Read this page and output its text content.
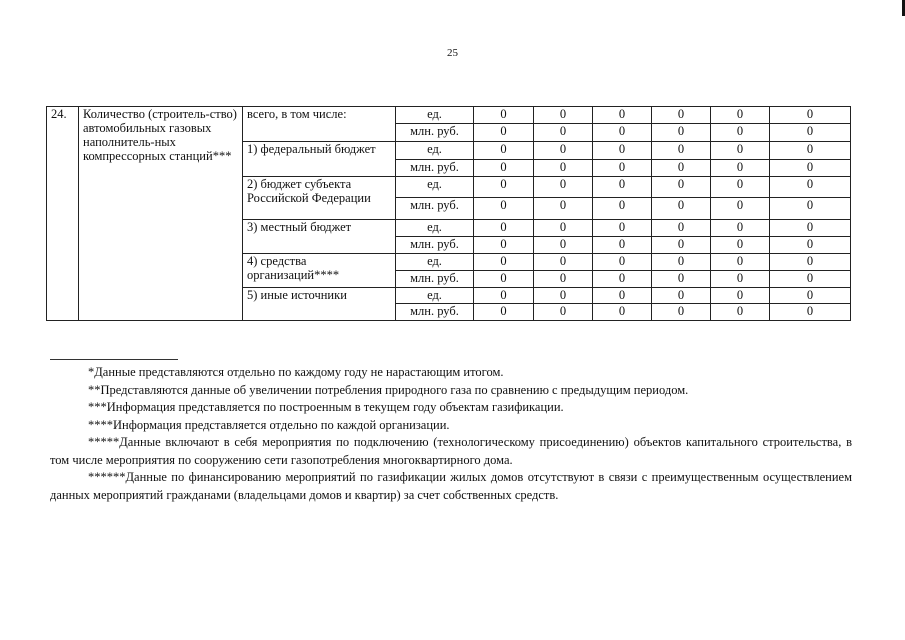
25
24.	Количество (строитель-ство) автомобильных газовых наполнитель-ных компрессорных станций***	всего, в том числе:	ед.	0	0	0	0	0	0
			млн. руб.	0	0	0	0	0	0
		1) федеральный бюджет	ед.	0	0	0	0	0	0
			млн. руб.	0	0	0	0	0	0
		2) бюджет субъекта Российской Федерации	ед.	0	0	0	0	0	0
			млн. руб.	0	0	0	0	0	0
		3) местный бюджет	ед.	0	0	0	0	0	0
			млн. руб.	0	0	0	0	0	0
		4) средства организаций****	ед.	0	0	0	0	0	0
			млн. руб.	0	0	0	0	0	0
		5) иные источники	ед.	0	0	0	0	0	0
			млн. руб.	0	0	0	0	0	0

*Данные представляются отдельно по каждому году не нарастающим итогом.

**Представляются данные об увеличении потребления природного газа по сравнению с предыдущим периодом.

***Информация представляется по построенным в текущем году объектам газификации.

****Информация представляется отдельно по каждой организации.

*****Данные включают в себя мероприятия по подключению (технологическому присоединению) объектов капитального строительства, в том числе мероприятия по сооружению сети газопотребления многоквартирного дома.

******Данные по финансированию мероприятий по газификации жилых домов отсутствуют в связи с преимущественным осуществлением данных мероприятий гражданами (владельцами домов и квартир) за счет собственных средств.
